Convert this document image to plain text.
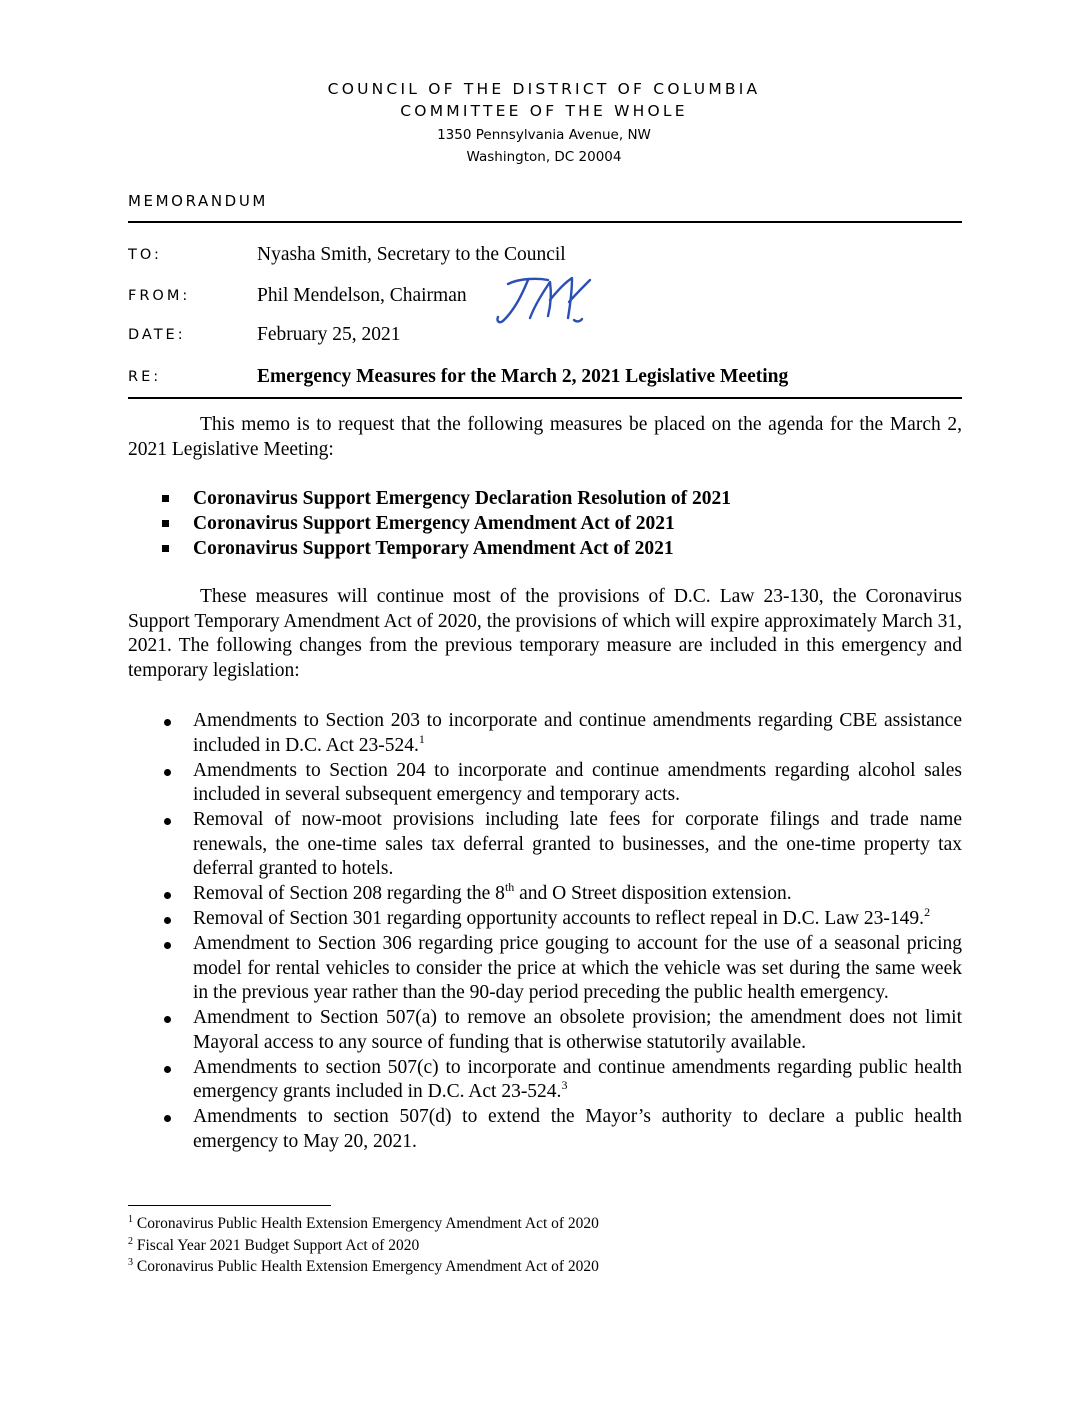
COUNCIL OF THE DISTRICT OF COLUMBIA
COMMITTEE OF THE WHOLE
1350 Pennsylvania Avenue, NW
Washington, DC 20004
MEMORANDUM
TO:	Nyasha Smith, Secretary to the Council
FROM:	Phil Mendelson, Chairman
DATE:	February 25, 2021
RE:	Emergency Measures for the March 2, 2021 Legislative Meeting
This memo is to request that the following measures be placed on the agenda for the March 2, 2021 Legislative Meeting:
Coronavirus Support Emergency Declaration Resolution of 2021
Coronavirus Support Emergency Amendment Act of 2021
Coronavirus Support Temporary Amendment Act of 2021
These measures will continue most of the provisions of D.C. Law 23-130, the Coronavirus Support Temporary Amendment Act of 2020, the provisions of which will expire approximately March 31, 2021. The following changes from the previous temporary measure are included in this emergency and temporary legislation:
Amendments to Section 203 to incorporate and continue amendments regarding CBE assistance included in D.C. Act 23-524.$^1$
Amendments to Section 204 to incorporate and continue amendments regarding alcohol sales included in several subsequent emergency and temporary acts.
Removal of now-moot provisions including late fees for corporate filings and trade name renewals, the one-time sales tax deferral granted to businesses, and the one-time property tax deferral granted to hotels.
Removal of Section 208 regarding the 8th and O Street disposition extension.
Removal of Section 301 regarding opportunity accounts to reflect repeal in D.C. Law 23-149.$^2$
Amendment to Section 306 regarding price gouging to account for the use of a seasonal pricing model for rental vehicles to consider the price at which the vehicle was set during the same week in the previous year rather than the 90-day period preceding the public health emergency.
Amendment to Section 507(a) to remove an obsolete provision; the amendment does not limit Mayoral access to any source of funding that is otherwise statutorily available.
Amendments to section 507(c) to incorporate and continue amendments regarding public health emergency grants included in D.C. Act 23-524.$^3$
Amendments to section 507(d) to extend the Mayor’s authority to declare a public health emergency to May 20, 2021.
$^1$ Coronavirus Public Health Extension Emergency Amendment Act of 2020
$^2$ Fiscal Year 2021 Budget Support Act of 2020
$^3$ Coronavirus Public Health Extension Emergency Amendment Act of 2020
